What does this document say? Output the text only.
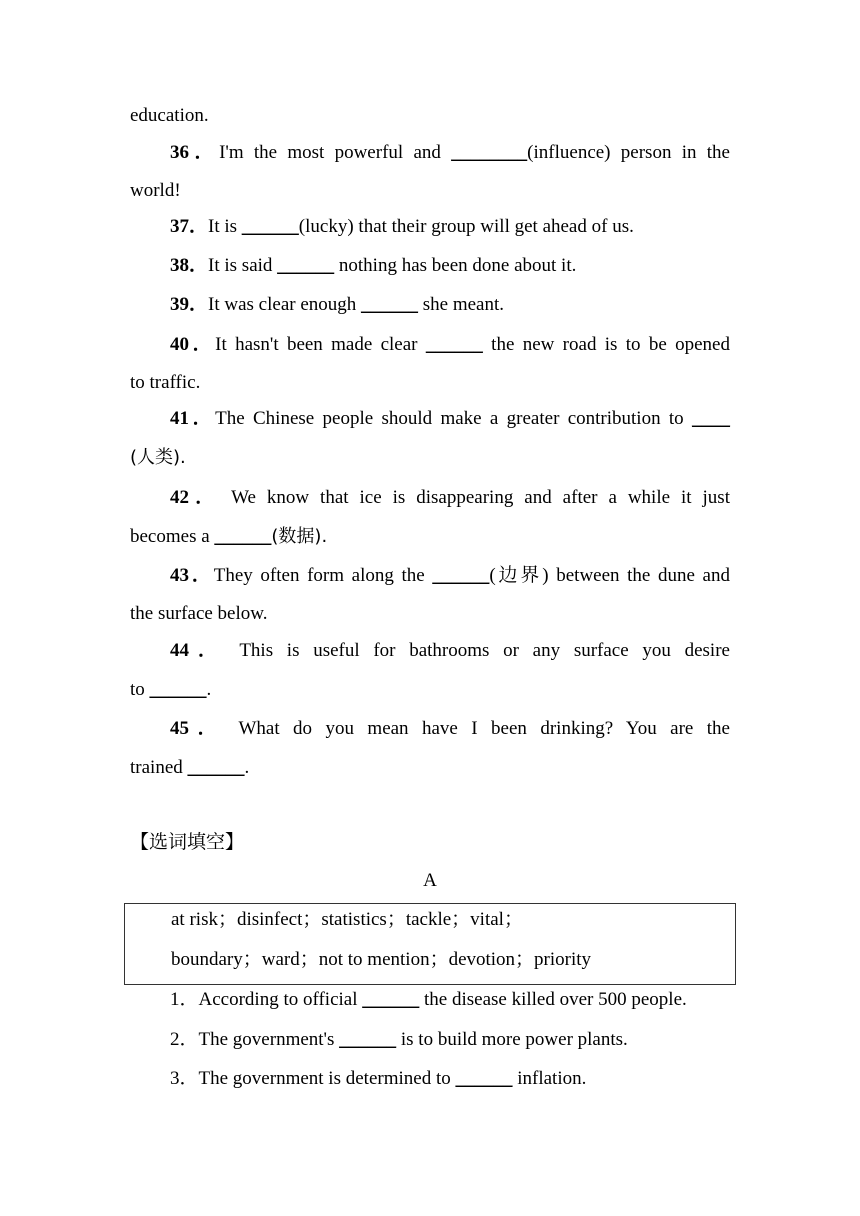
education.
36．I'm the most powerful and ________(influence) person in the
world!
37．It is ______(lucky) that their group will get ahead of us.
38．It is said ______ nothing has been done about it.
39．It was clear enough ______ she meant.
40．It hasn't been made clear ______ the new road is to be opened
to traffic.
41．The Chinese people should make a greater contribution to ____
(人类).
42． We know that ice is disappearing and after a while it just
becomes a ______(数据).
43．They often form along the ______(边界) between the dune and
the surface below.
44． This is useful for bathrooms or any surface you desire
to ______.
45． What do you mean have I been drinking? You are the
trained ______.
【选词填空】
A
at risk；disinfect；statistics；tackle；vital；
boundary；ward；not to mention；devotion；priority
1．According to official ______ the disease killed over 500 people.
2．The government's ______ is to build more power plants.
3．The government is determined to ______ inflation.
